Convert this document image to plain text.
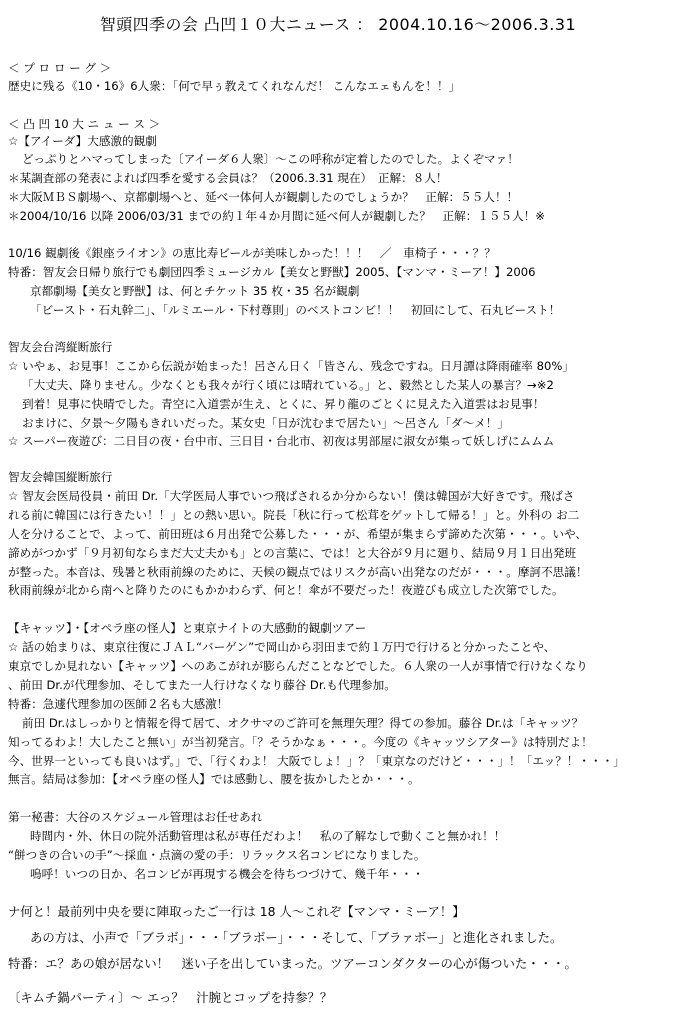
智頭四季の会 凸凹１０大ニュース ： 2004.10.16〜2006.3.31
＜ プ ロ ロ ー グ ＞
歴史に残る《10・16》6人衆：「何で早ぅ教えてくれなんだ！ こんなエェもんを！！」
＜ 凸 凹 10 大 ニ ュ ー ス ＞
☆【アイーダ】大感激的観劇
どっぷりとハマってしまった〔アイーダ６人衆〕〜この呼称が定着したのでした。よくぞマァ！
＊某調査部の発表によれば四季を愛する会員は？（2006.3.31 現在）　正解：８人！
＊大阪ＭＢＳ劇場へ、京都劇場へと、延べ一体何人が観劇したのでしょうか？　正解：５５人！！
＊2004/10/16 以降 2006/03/31 までの約１年４か月間に延べ何人が観劇した？　正解：１５５人！※
10/16 観劇後《銀座ライオン》の恵比寿ビールが美味しかった！！！　／　車椅子・・・？？
特番：智友会日帰り旅行でも劇団四季ミュージカル【美女と野獣】2005、【マンマ・ミーア！】2006
京都劇場【美女と野獣】は、何とチケット 35 枚・35 名が観劇
「ビースト・石丸幹二」、「ルミエール・下村尊則」のベストコンビ！！　初回にして、石丸ビースト！
智友会台湾縦断旅行
☆ いやぁ、お見事！ここから伝説が始まった！呂さん日く「皆さん、残念ですね。日月譚は降雨確率 80%」
「大丈夫、降りません。少なくとも我々が行く頃には晴れている。」と、毅然とした某人の暴言？→※2
到着！見事に快晴でした。青空に入道雲が生え、とくに、昇り龍のごとくに見えた入道雲はお見事！
おまけに、夕景〜夕陽もきれいだった。某女史「日が沈むまで居たい」〜呂さん「ダ〜メ！」
☆ スーパー夜遊び：二日目の夜・台中市、三日目・台北市、初夜は男部屋に淑女が集って妖しげにムムム
智友会韓国縦断旅行
☆ 智友会医局役員・前田 Dr.「大学医局人事でいつ飛ばされるか分からない！僕は韓国が大好きです。飛ばさ
れる前に韓国には行きたい！！」との熱い思い。院長「秋に行って松茸をゲットして帰る！」と。外科の お二
人を分けることで、よって、前田班は６月出発で公募した・・・が、希望が集まらず諦めた次第・・・。いや、
諦めがつかず「９月初旬ならまだ大丈夫かも」との言葉に、では！と大谷が９月に廻り、結局９月１日出発班
が整った。本音は、残暑と秋雨前線のために、天候の観点ではリスクが高い出発なのだが・・・。摩訶不思議！
秋雨前線が北から南へと降りたのにもかかわらず、何と！傘が不要だった！夜遊びも成立した次第でした。
【キャッツ】・【オペラ座の怪人】と東京ナイトの大感動的観劇ツアー
☆ 話の始まりは、東京往復にＪＡＬ“バーゲン”で岡山から羽田まで約１万円で行けると分かったことや、
東京でしか見れない【キャッツ】へのあこがれが膨らんだことなどでした。６人衆の一人が事情で行けなくなり
、前田 Dr.が代理参加、そしてまた一人行けなくなり藤谷 Dr.も代理参加。
特番：急遽代理参加の医師２名も大感激！
前田 Dr.はしっかりと情報を得て居て、オクサマのご許可を無理矢理？得ての参加。藤谷 Dr.は「キャッツ？
知ってるわよ！大したこと無い」が当初発言。「？そうかなぁ・・・。今度の《キャッツシアター》は特別だよ！
今、世界一といっても良いはず。」で、「行くわよ！ 大阪でしょ！」？「東京なのだけど・・・」！「エッ？！・・・」
無言。結局は参加：【オペラ座の怪人】では感動し、腰を抜かしたとか・・・。
第一秘書：大谷のスケジュール管理はお任せあれ
時間内・外、休日の院外活動管理は私が専任だわよ！　私の了解なしで動くこと無かれ！！
“餅つきの合いの手”〜採血・点滴の愛の手：リラックス名コンビになりました。
嗚呼！いつの日か、名コンビが再現する機会を待ちつづけて、幾千年・・・
ナ何と！最前列中央を要に陣取ったご一行は 18 人〜これぞ【マンマ・ミーア！】
あの方は、小声で「ブラボ」・・・「ブラボー」・・・そして、「ブラァボー」と進化されました。
特番：エ？あの娘が居ない！　迷い子を出していまった。ツアーコンダクターの心が傷ついた・・・。
〔キムチ鍋パーティ〕〜 エっ？　汁腕とコップを持参？？
